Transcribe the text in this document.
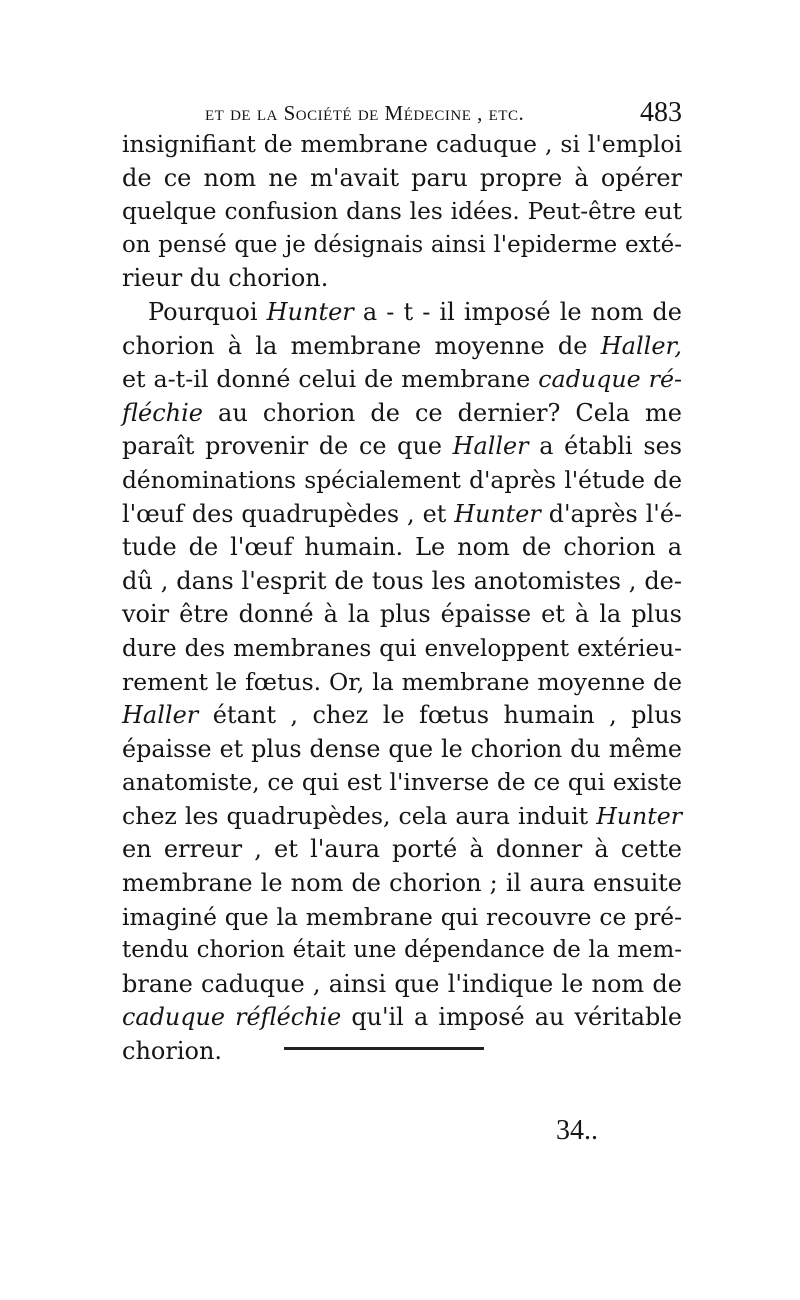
et de la Société de Médecine , etc.	483
insignifiant de membrane caduque , si l'emploi
de ce nom ne m'avait paru propre à opérer
quelque confusion dans les idées. Peut-être eut
on pensé que je désignais ainsi l'epiderme exté-
rieur du chorion.
Pourquoi Hunter a - t - il imposé le nom de
chorion à la membrane moyenne de Haller,
et a-t-il donné celui de membrane caduque ré-
fléchie au chorion de ce dernier? Cela me
paraît provenir de ce que Haller a établi ses
dénominations spécialement d'après l'étude de
l'œuf des quadrupèdes , et Hunter d'après l'é-
tude de l'œuf humain. Le nom de chorion a
dû , dans l'esprit de tous les anotomistes , de-
voir être donné à la plus épaisse et à la plus
dure des membranes qui enveloppent extérieu-
rement le fœtus. Or, la membrane moyenne de
Haller étant , chez le fœtus humain , plus
épaisse et plus dense que le chorion du même
anatomiste, ce qui est l'inverse de ce qui existe
chez les quadrupèdes, cela aura induit Hunter
en erreur , et l'aura porté à donner à cette
membrane le nom de chorion ; il aura ensuite
imaginé que la membrane qui recouvre ce pré-
tendu chorion était une dépendance de la mem-
brane caduque , ainsi que l'indique le nom de
caduque réfléchie qu'il a imposé au véritable
chorion.
34..
